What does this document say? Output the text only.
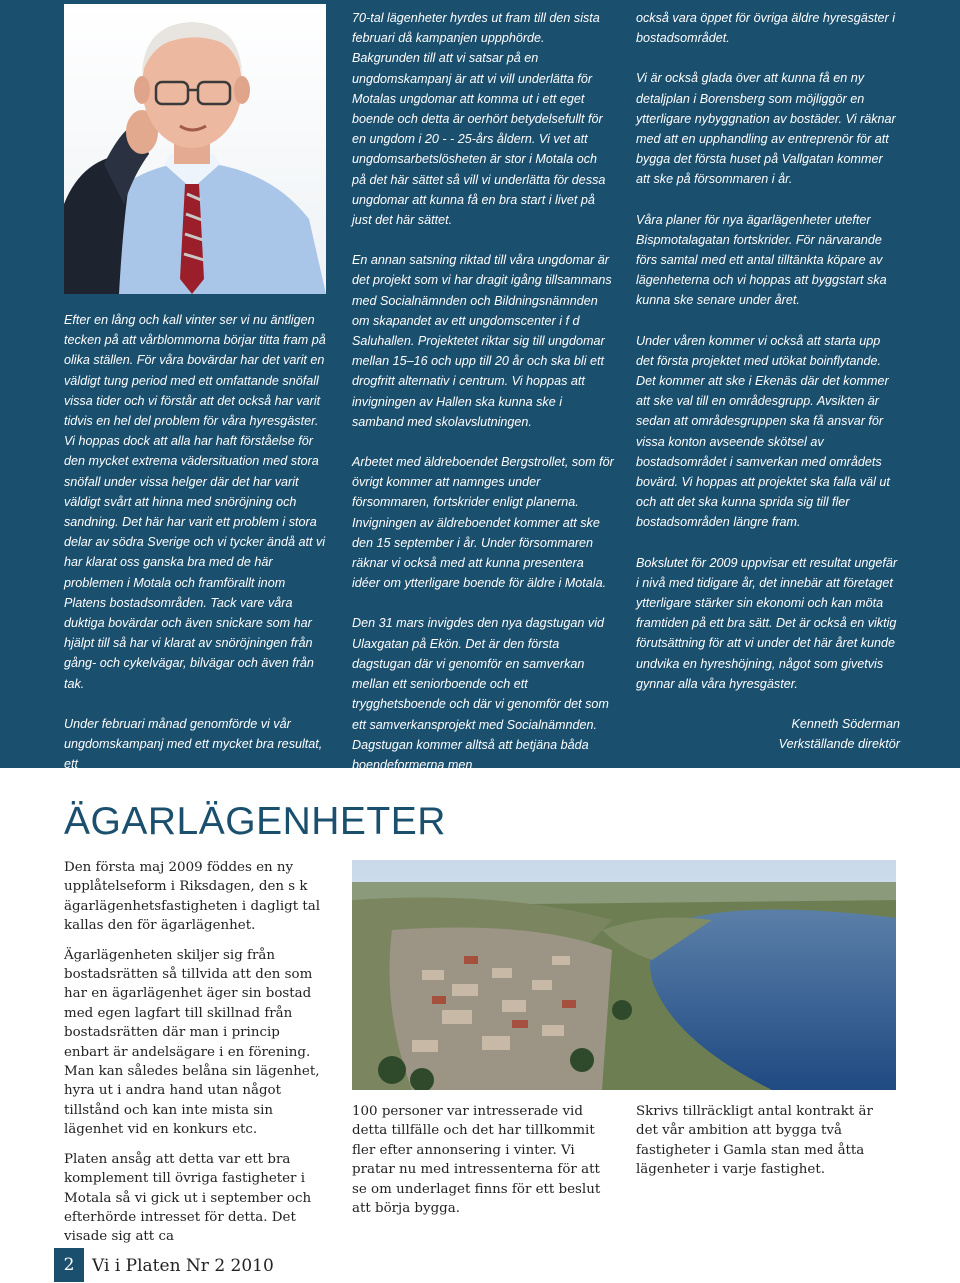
Efter en lång och kall vinter ser vi nu äntligen tecken på att vårblommorna börjar titta fram på olika ställen. För våra bovärdar har det varit en väldigt tung period med ett omfattande snöfall vissa tider och vi förstår att det också har varit tidvis en hel del problem för våra hyresgäster. Vi hoppas dock att alla har haft förståelse för den mycket extrema vädersituation med stora snöfall under vissa helger där det har varit väldigt svårt att hinna med snöröjning och sandning. Det här har varit ett problem i stora delar av södra Sverige och vi tycker ändå att vi har klarat oss ganska bra med de här problemen i Motala och framförallt inom Platens bostadsområden. Tack vare våra duktiga bovärdar och även snickare som har hjälpt till så har vi klarat av snöröjningen från gång- och cykelvägar, bilvägar och även från tak.

Under februari månad genomförde vi vår ungdomskampanj med ett mycket bra resultat, ett

70-tal lägenheter hyrdes ut fram till den sista februari då kampanjen uppphörde. Bakgrunden till att vi satsar på en ungdomskampanj är att vi vill underlätta för Motalas ungdomar att komma ut i ett eget boende och detta är oerhört betydelsefullt för en ungdom i 20 - - 25-års åldern. Vi vet att ungdomsarbetslösheten är stor i Motala och på det här sättet så vill vi underlätta för dessa ungdomar att kunna få en bra start i livet på just det här sättet.

En annan satsning riktad till våra ungdomar är det projekt som vi har dragit igång tillsammans med Socialnämnden och Bildningsnämnden om skapandet av ett ungdomscenter i f d Saluhallen. Projektetet riktar sig till ungdomar mellan 15–16 och upp till 20 år och ska bli ett drogfritt alternativ i centrum. Vi hoppas att invigningen av Hallen ska kunna ske i samband med skolavslutningen.

Arbetet med äldreboendet Bergstrollet, som för övrigt kommer att namnges under försommaren, fortskrider enligt planerna. Invigningen av äldreboendet kommer att ske den 15 september i år. Under försommaren räknar vi också med att kunna presentera idéer om ytterligare boende för äldre i Motala.

Den 31 mars invigdes den nya dagstugan vid Ulaxgatan på Ekön. Det är den första dagstugan där vi genomför en samverkan mellan ett seniorboende och ett trygghetsboende och där vi genomför det som ett samverkansprojekt med Socialnämnden. Dagstugan kommer alltså att betjäna båda boendeformerna men

också vara öppet för övriga äldre hyresgäster i bostadsområdet.

Vi är också glada över att kunna få en ny detaljplan i Borensberg som möjliggör en ytterligare nybyggnation av bostäder. Vi räknar med att en upphandling av entreprenör för att bygga det första huset på Vallgatan kommer att ske på försommaren i år.

Våra planer för nya ägarlägenheter utefter Bispmotalagatan fortskrider. För närvarande förs samtal med ett antal tilltänkta köpare av lägenheterna och vi hoppas att byggstart ska kunna ske senare under året.

Under våren kommer vi också att starta upp det första projektet med utökat boinflytande. Det kommer att ske i Ekenäs där det kommer att ske val till en områdesgrupp. Avsikten är sedan att områdesgruppen ska få ansvar för vissa konton avseende skötsel av bostadsområdet i samverkan med områdets bovärd. Vi hoppas att projektet ska falla väl ut och att det ska kunna sprida sig till fler bostadsområden längre fram.

Bokslutet för 2009 uppvisar ett resultat ungefär i nivå med tidigare år, det innebär att företaget ytterligare stärker sin ekonomi och kan möta framtiden på ett bra sätt. Det är också en viktig förutsättning för att vi under det här året kunde undvika en hyreshöjning, något som givetvis gynnar alla våra hyresgäster.

Kenneth Söderman

Verkställande direktör

ÄGARLÄGENHETER

Den första maj 2009 föddes en ny upplåtelseform i Riksdagen, den s k ägarlägenhetsfastigheten i dagligt tal kallas den för ägarlägenhet.

Ägarlägenheten skiljer sig från bostadsrätten så tillvida att den som har en ägarlägenhet äger sin bostad med egen lagfart till skillnad från bostadsrätten där man i princip enbart är andelsägare i en förening. Man kan således belåna sin lägenhet, hyra ut i andra hand utan något tillstånd och kan inte mista sin lägenhet vid en konkurs etc.

Platen ansåg att detta var ett bra komplement till övriga fastigheter i Motala så vi gick ut i september och efterhörde intresset för detta. Det visade sig att ca

100 personer var intresserade vid detta tillfälle och det har tillkommit fler efter annonsering i vinter. Vi pratar nu med intressenterna för att se om underlaget finns för ett beslut att börja bygga.

Skrivs tillräckligt antal kontrakt är det vår ambition att bygga två fastigheter i Gamla stan med åtta lägenheter i varje fastighet.

2	Vi i Platen Nr 2 2010
